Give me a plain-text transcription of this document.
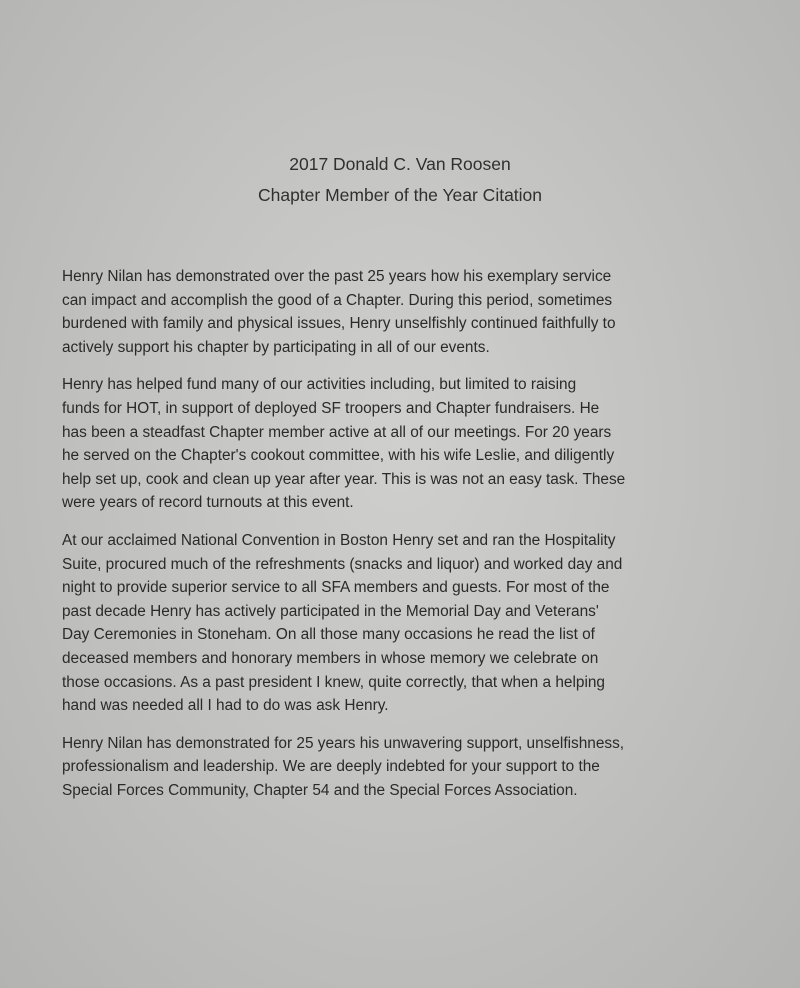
2017 Donald C. Van Roosen
Chapter Member of the Year Citation

Henry Nilan has demonstrated over the past 25 years how his exemplary service
can impact and accomplish the good of a Chapter. During this period, sometimes
burdened with family and physical issues, Henry unselfishly continued faithfully to
actively support his chapter by participating in all of our events.

Henry has helped fund many of our activities including, but limited to raising
funds for HOT, in support of deployed SF troopers and Chapter fundraisers. He
has been a steadfast Chapter member active at all of our meetings. For 20 years
he served on the Chapter's cookout committee, with his wife Leslie, and diligently
help set up, cook and clean up year after year. This is was not an easy task. These
were years of record turnouts at this event.

At our acclaimed National Convention in Boston Henry set and ran the Hospitality
Suite, procured much of the refreshments (snacks and liquor) and worked day and
night to provide superior service to all SFA members and guests. For most of the
past decade Henry has actively participated in the Memorial Day and Veterans'
Day Ceremonies in Stoneham. On all those many occasions he read the list of
deceased members and honorary members in whose memory we celebrate on
those occasions. As a past president I knew, quite correctly, that when a helping
hand was needed all I had to do was ask Henry.

Henry Nilan has demonstrated for 25 years his unwavering support, unselfishness,
professionalism and leadership. We are deeply indebted for your support to the
Special Forces Community, Chapter 54 and the Special Forces Association.
